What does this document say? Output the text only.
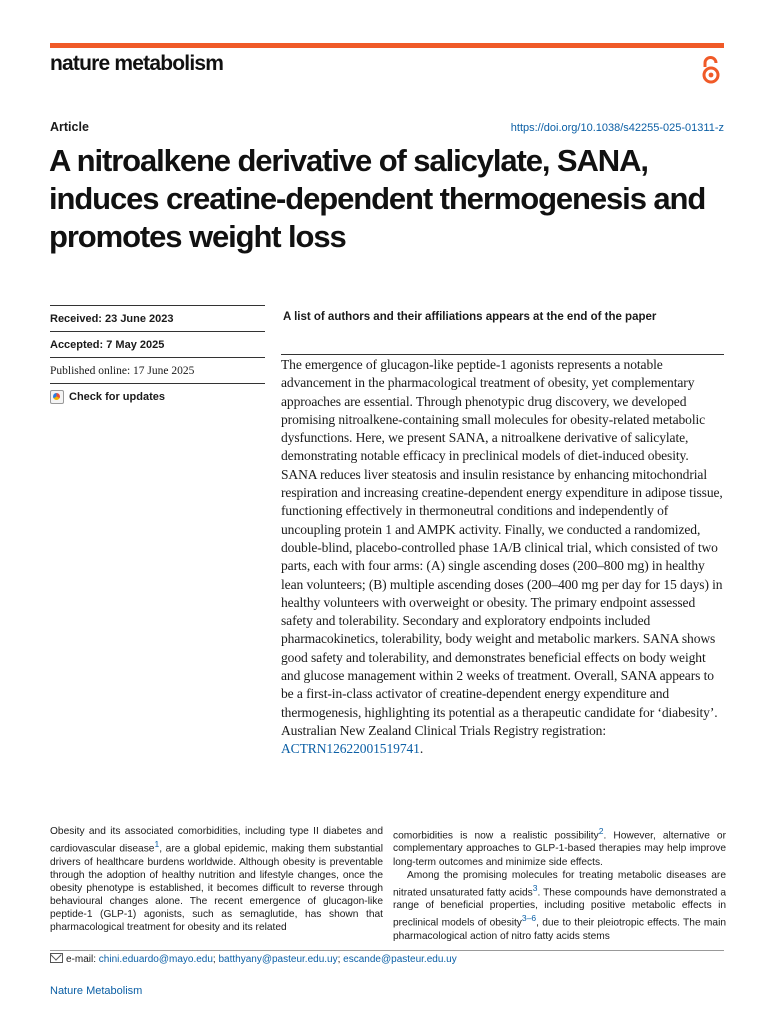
nature metabolism
Article	https://doi.org/10.1038/s42255-025-01311-z
A nitroalkene derivative of salicylate, SANA, induces creatine-dependent thermogenesis and promotes weight loss
Received: 23 June 2023
Accepted: 7 May 2025
Published online: 17 June 2025
Check for updates
A list of authors and their affiliations appears at the end of the paper

The emergence of glucagon-like peptide-1 agonists represents a notable advancement in the pharmacological treatment of obesity, yet complementary approaches are essential. Through phenotypic drug discovery, we developed promising nitroalkene-containing small molecules for obesity-related metabolic dysfunctions. Here, we present SANA, a nitroalkene derivative of salicylate, demonstrating notable efficacy in preclinical models of diet-induced obesity. SANA reduces liver steatosis and insulin resistance by enhancing mitochondrial respiration and increasing creatine-dependent energy expenditure in adipose tissue, functioning effectively in thermoneutral conditions and independently of uncoupling protein 1 and AMPK activity. Finally, we conducted a randomized, double-blind, placebo-controlled phase 1A/B clinical trial, which consisted of two parts, each with four arms: (A) single ascending doses (200–800 mg) in healthy lean volunteers; (B) multiple ascending doses (200–400 mg per day for 15 days) in healthy volunteers with overweight or obesity. The primary endpoint assessed safety and tolerability. Secondary and exploratory endpoints included pharmacokinetics, tolerability, body weight and metabolic markers. SANA shows good safety and tolerability, and demonstrates beneficial effects on body weight and glucose management within 2 weeks of treatment. Overall, SANA appears to be a first-in-class activator of creatine-dependent energy expenditure and thermogenesis, highlighting its potential as a therapeutic candidate for ‘diabesity’. Australian New Zealand Clinical Trials Registry registration: ACTRN12622001519741.

Obesity and its associated comorbidities, including type II diabetes and cardiovascular disease$^1$, are a global epidemic, making them substantial drivers of healthcare burdens worldwide. Although obesity is preventable through the adoption of healthy nutrition and lifestyle changes, once the obesity phenotype is established, it becomes difficult to reverse through behavioural changes alone. The recent emergence of glucagon-like peptide-1 (GLP-1) agonists, such as semaglutide, has shown that pharmacological treatment for obesity and its related

comorbidities is now a realistic possibility$^2$. However, alternative or complementary approaches to GLP-1-based therapies may help improve long-term outcomes and minimize side effects.

Among the promising molecules for treating metabolic diseases are nitrated unsaturated fatty acids$^3$. These compounds have demonstrated a range of beneficial properties, including positive metabolic effects in preclinical models of obesity$^{3-6}$, due to their pleiotropic effects. The main pharmacological action of nitro fatty acids stems

e-mail: chini.eduardo@mayo.edu; batthyany@pasteur.edu.uy; escande@pasteur.edu.uy
Nature Metabolism
